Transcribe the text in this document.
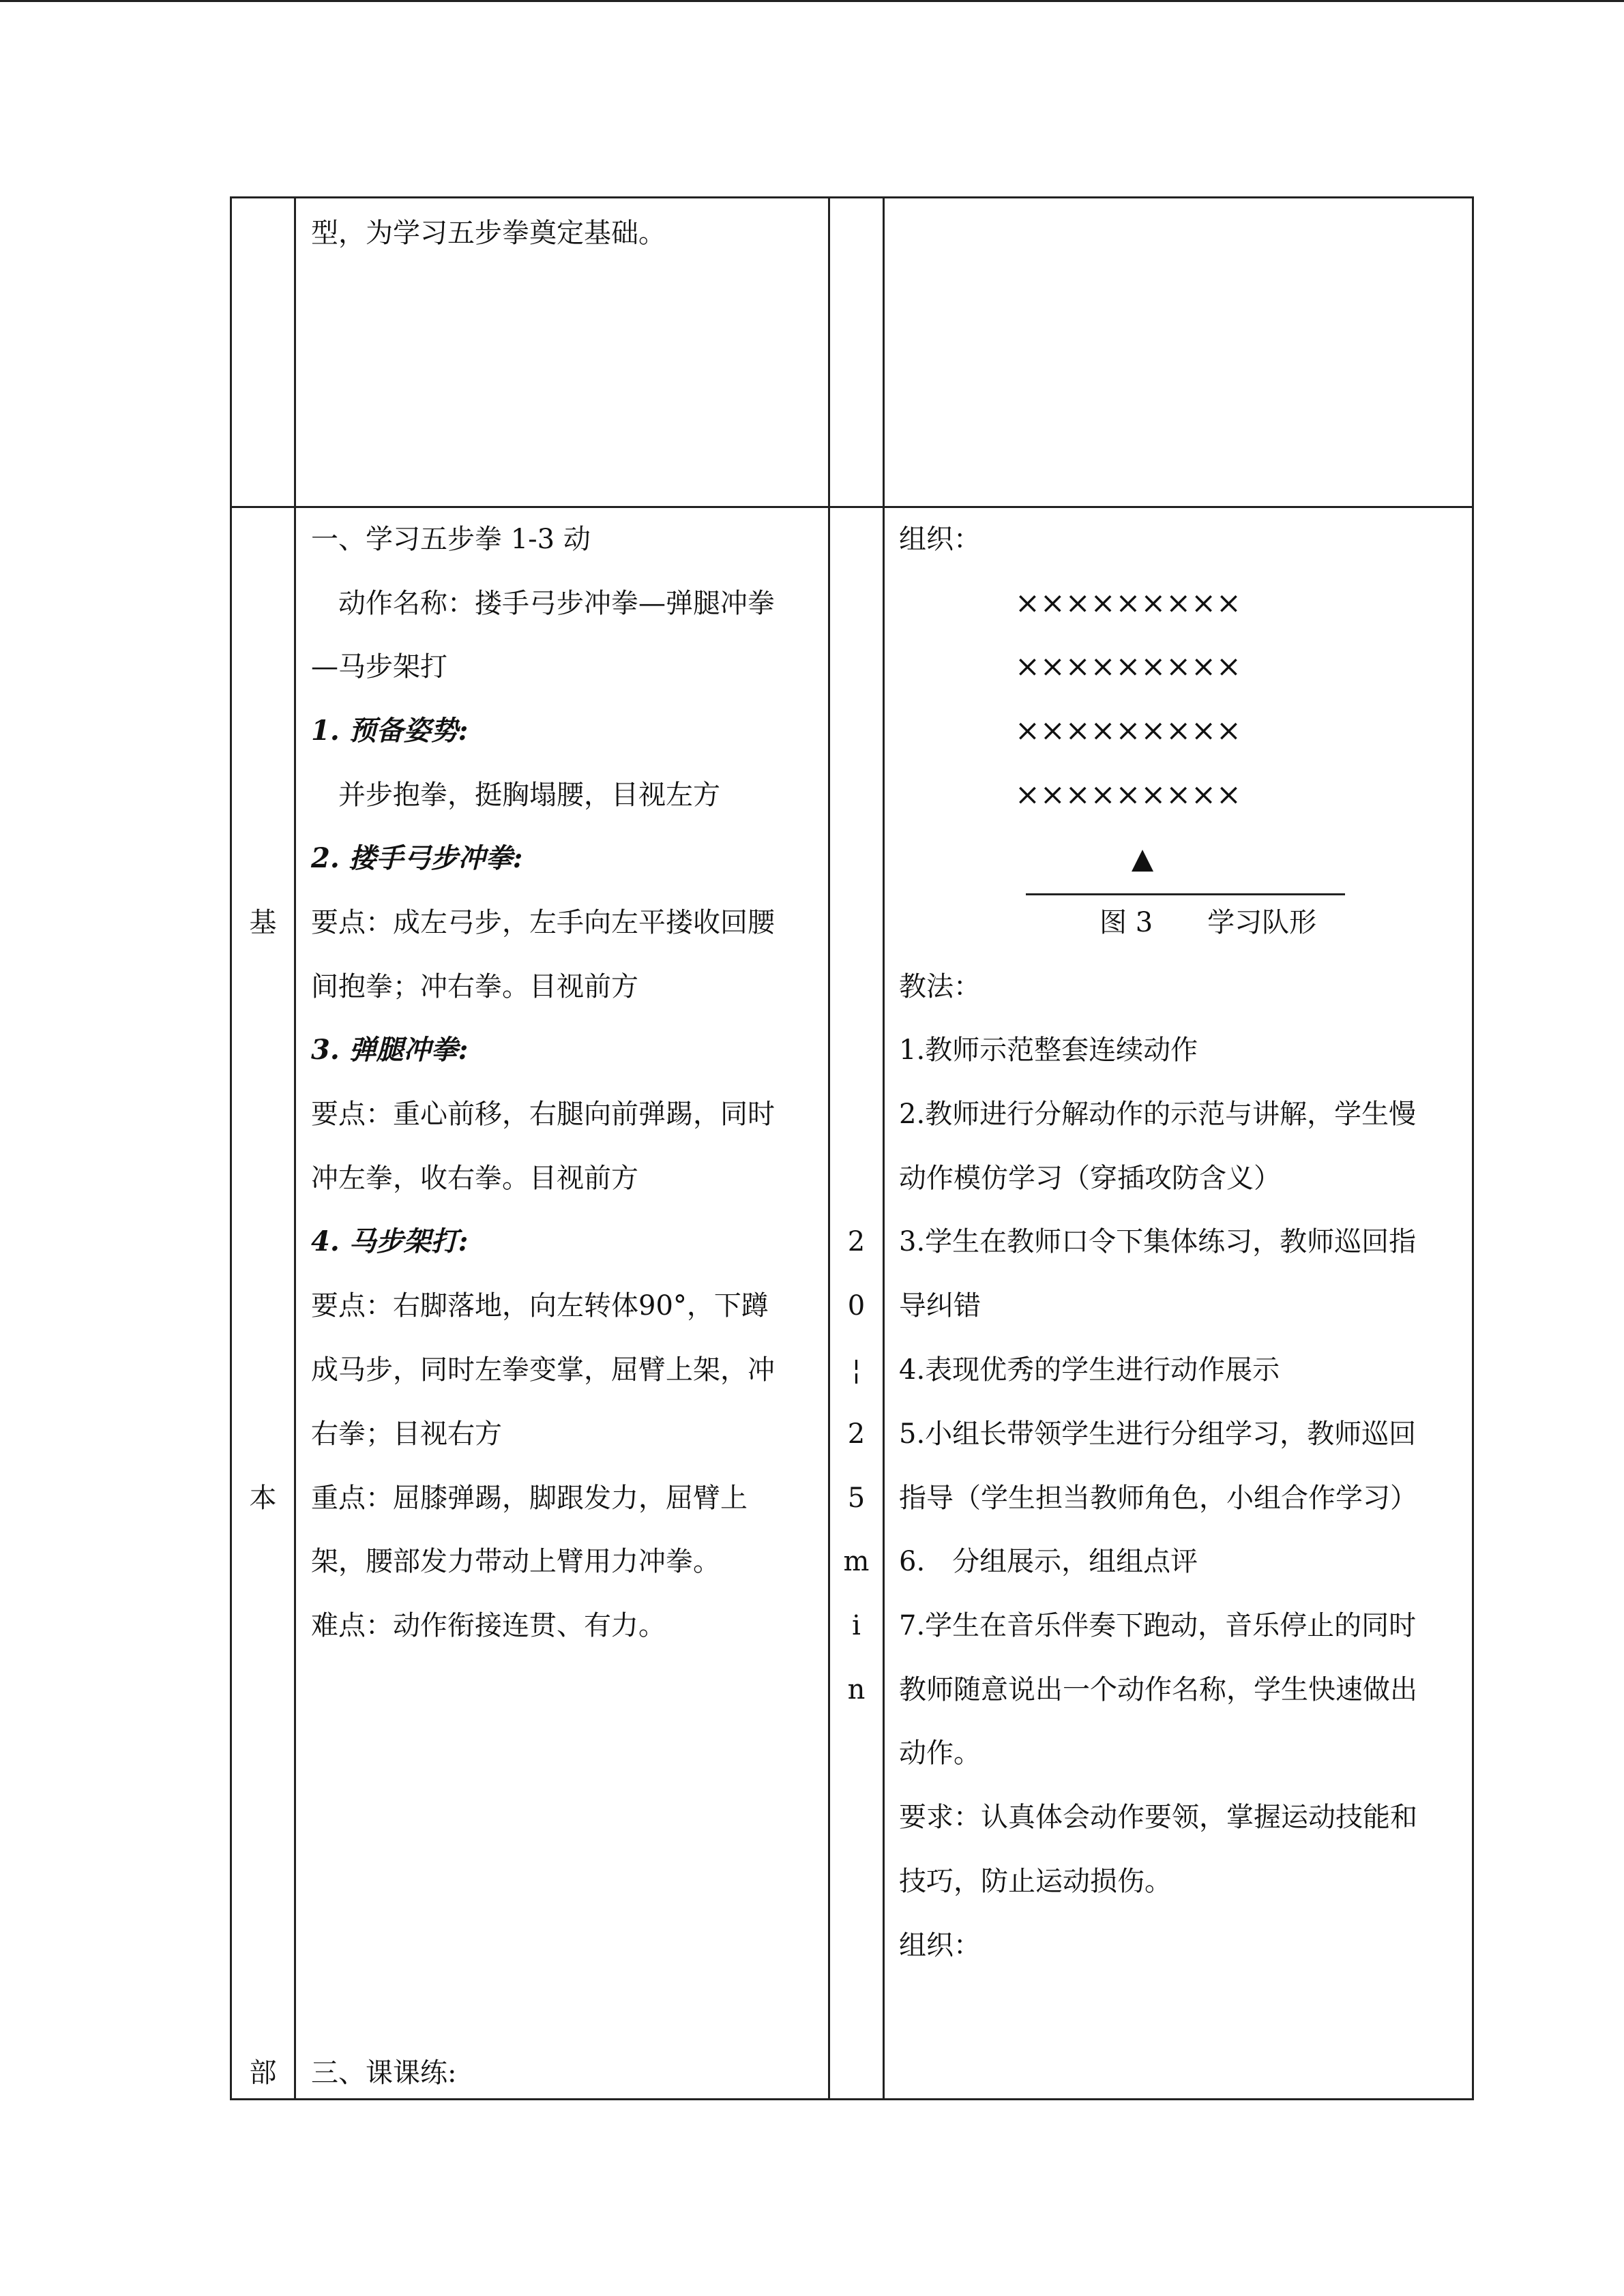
型，为学习五步拳奠定基础。
基
本
部
一、学习五步拳 1-3 动
动作名称：搂手弓步冲拳—弹腿冲拳
—马步架打
1. 预备姿势:
并步抱拳，挺胸塌腰，目视左方
2. 搂手弓步冲拳:
要点：成左弓步，左手向左平搂收回腰
间抱拳；冲右拳。目视前方
3. 弹腿冲拳:
要点：重心前移，右腿向前弹踢，同时
冲左拳，收右拳。目视前方
4. 马步架打:
要点：右脚落地，向左转体90°，下蹲
成马步，同时左拳变掌，屈臂上架，冲
右拳；目视右方
重点：屈膝弹踢，脚跟发力，屈臂上
架，腰部发力带动上臂用力冲拳。
难点：动作衔接连贯、有力。
三、课课练:
2
0
¦
2
5
m
i
n
组织：
×××××××××
×××××××××
×××××××××
×××××××××
▲
图 3　　学习队形
教法：
1.教师示范整套连续动作
2.教师进行分解动作的示范与讲解，学生慢
动作模仿学习（穿插攻防含义）
3.学生在教师口令下集体练习，教师巡回指
导纠错
4.表现优秀的学生进行动作展示
5.小组长带领学生进行分组学习，教师巡回
指导（学生担当教师角色，小组合作学习）
6.　分组展示，组组点评
7.学生在音乐伴奏下跑动，音乐停止的同时
教师随意说出一个动作名称，学生快速做出
动作。
要求：认真体会动作要领，掌握运动技能和
技巧，防止运动损伤。
组织：
